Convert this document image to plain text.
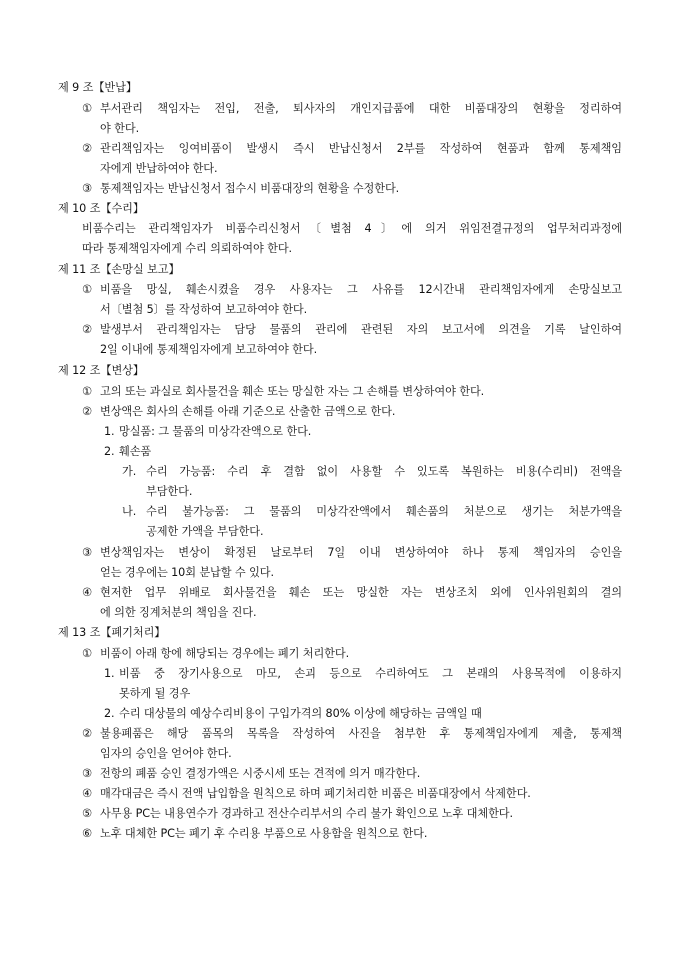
제 9 조【반납】
① 부서관리 책임자는 전입, 전출, 퇴사자의 개인지급품에 대한 비품대장의 현황을 정리하여
야 한다.
② 관리책임자는 잉여비품이 발생시 즉시 반납신청서 2부를 작성하여 현품과 함께 통제책임
자에게 반납하여야 한다.
③ 통제책임자는 반납신청서 접수시 비품대장의 현황을 수정한다.
제 10 조【수리】
비품수리는 관리책임자가 비품수리신청서〔별첨 4〕에 의거 위임전결규정의 업무처리과정에
따라 통제책임자에게 수리 의뢰하여야 한다.
제 11 조【손망실 보고】
① 비품을 망실, 훼손시켰을 경우 사용자는 그 사유를 12시간내 관리책임자에게 손망실보고
서〔별첨 5〕를 작성하여 보고하여야 한다.
② 발생부서 관리책임자는 담당 물품의 관리에 관련된 자의 보고서에 의견을 기록 날인하여
2일 이내에 통제책임자에게 보고하여야 한다.
제 12 조【변상】
① 고의 또는 과실로 회사물건을 훼손 또는 망실한 자는 그 손해를 변상하여야 한다.
② 변상액은 회사의 손해를 아래 기준으로 산출한 금액으로 한다.
1. 망실품: 그 물품의 미상각잔액으로 한다.
2. 훼손품
가. 수리 가능품: 수리 후 결함 없이 사용할 수 있도록 복원하는 비용(수리비) 전액을
부담한다.
나. 수리 불가능품: 그 물품의 미상각잔액에서 훼손품의 처분으로 생기는 처분가액을
공제한 가액을 부담한다.
③ 변상책임자는 변상이 확정된 날로부터 7일 이내 변상하여야 하나 통제 책임자의 승인을
얻는 경우에는 10회 분납할 수 있다.
④ 현저한 업무 위배로 회사물건을 훼손 또는 망실한 자는 변상조치 외에 인사위원회의 결의
에 의한 징계처분의 책임을 진다.
제 13 조【폐기처리】
① 비품이 아래 항에 해당되는 경우에는 폐기 처리한다.
1. 비품 중 장기사용으로 마모, 손괴 등으로 수리하여도 그 본래의 사용목적에 이용하지
못하게 될 경우
2. 수리 대상물의 예상수리비용이 구입가격의 80% 이상에 해당하는 금액일 때
② 불용폐품은 해당 품목의 목록을 작성하여 사진을 첨부한 후 통제책임자에게 제출, 통제책
임자의 승인을 얻어야 한다.
③ 전항의 폐품 승인 결정가액은 시중시세 또는 견적에 의거 매각한다.
④ 매각대금은 즉시 전액 납입함을 원칙으로 하며 폐기처리한 비품은 비품대장에서 삭제한다.
⑤ 사무용 PC는 내용연수가 경과하고 전산수리부서의 수리 불가 확인으로 노후 대체한다.
⑥ 노후 대체한 PC는 폐기 후 수리용 부품으로 사용함을 원칙으로 한다.
